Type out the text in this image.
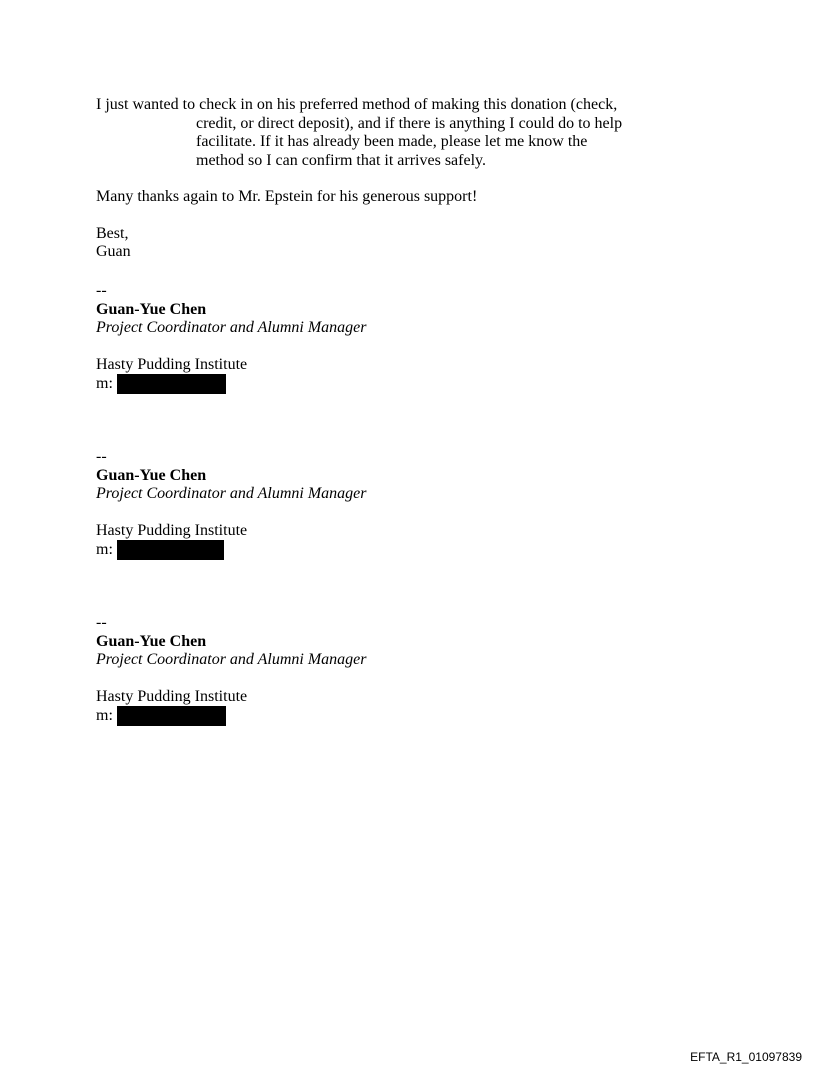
I just wanted to check in on his preferred method of making this donation (check,
credit, or direct deposit), and if there is anything I could do to help
facilitate. If it has already been made, please let me know the
method so I can confirm that it arrives safely.

Many thanks again to Mr. Epstein for his generous support!

Best,
Guan

--
Guan-Yue Chen
Project Coordinator and Alumni Manager
Hasty Pudding Institute
m:
--
Guan-Yue Chen
Project Coordinator and Alumni Manager
Hasty Pudding Institute
m:
--
Guan-Yue Chen
Project Coordinator and Alumni Manager
Hasty Pudding Institute
m:
EFTA_R1_01097839
